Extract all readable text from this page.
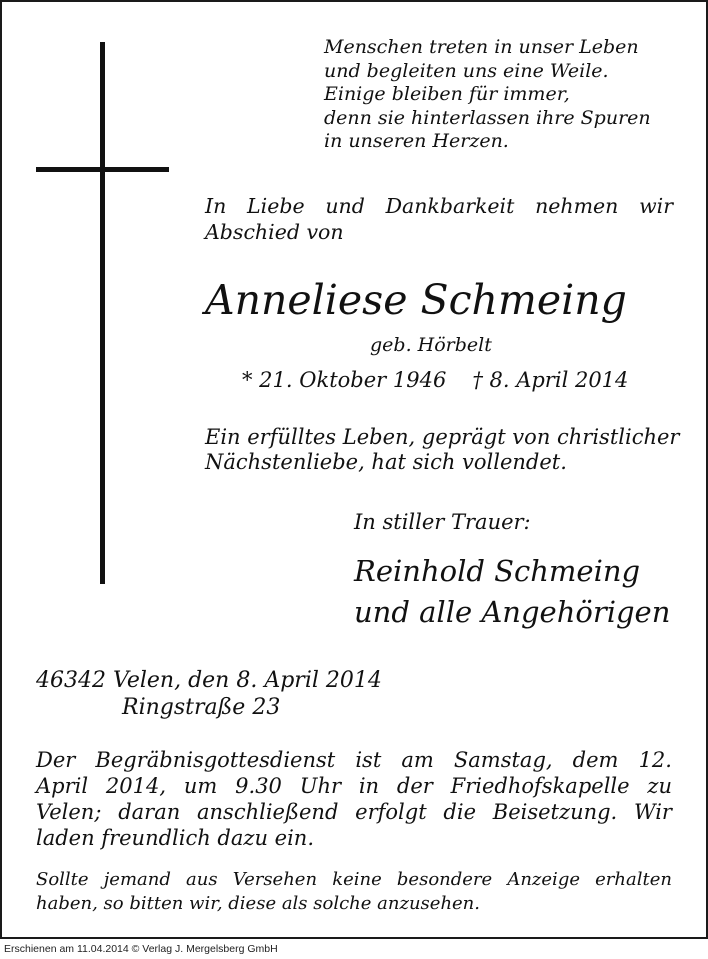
Menschen treten in unser Leben
und begleiten uns eine Weile.
Einige bleiben für immer,
denn sie hinterlassen ihre Spuren
in unseren Herzen.
In Liebe und Dankbarkeit nehmen wir
Abschied von
Anneliese Schmeing
geb. Hörbelt
* 21. Oktober 1946 † 8. April 2014
Ein erfülltes Leben, geprägt von christlicher
Nächstenliebe, hat sich vollendet.
In stiller Trauer:
Reinhold Schmeing
und alle Angehörigen
46342 Velen, den 8. April 2014
Ringstraße 23
Der Begräbnisgottesdienst ist am Samstag, dem 12.
April 2014, um 9.30 Uhr in der Friedhofskapelle zu
Velen; daran anschließend erfolgt die Beisetzung. Wir
laden freundlich dazu ein.
Sollte jemand aus Versehen keine besondere Anzeige erhalten
haben, so bitten wir, diese als solche anzusehen.
Erschienen am 11.04.2014 © Verlag J. Mergelsberg GmbH
